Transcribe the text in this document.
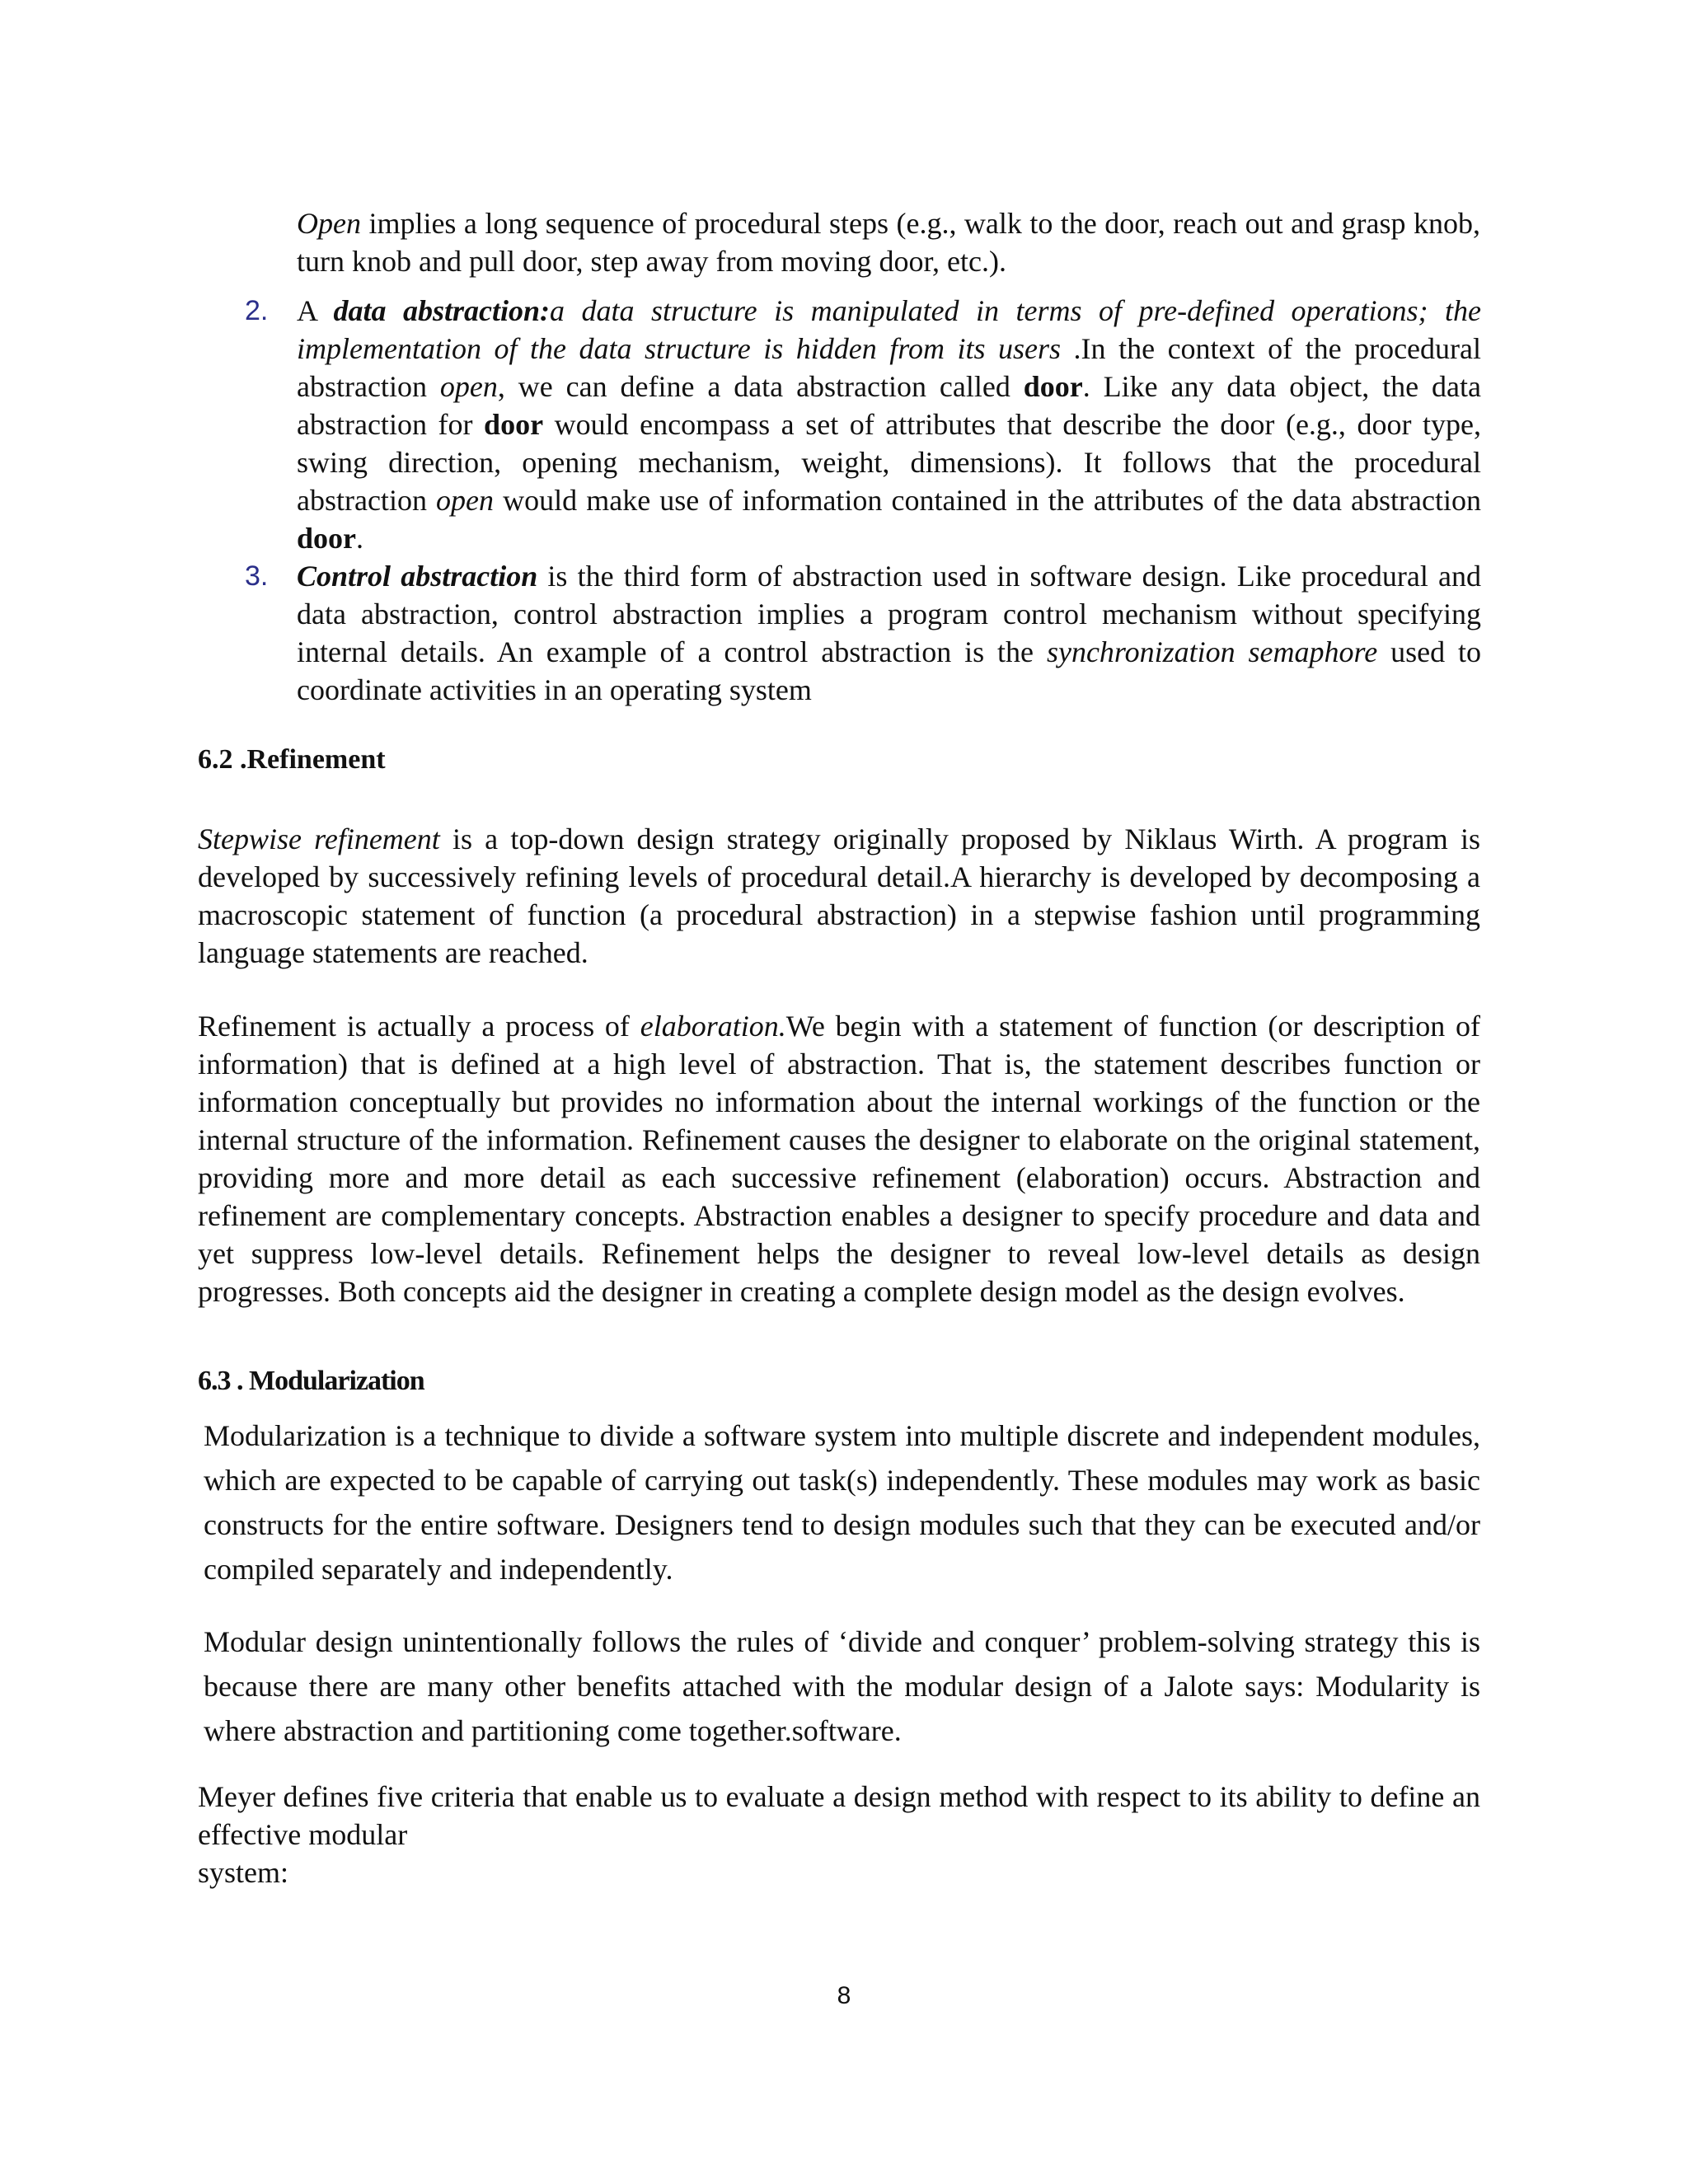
Open implies a long sequence of procedural steps (e.g., walk to the door, reach out and grasp knob, turn knob and pull door, step away from moving door, etc.).

2. A data abstraction:a data structure is manipulated in terms of pre-defined operations; the implementation of the data structure is hidden from its users .In the context of the procedural abstraction open, we can define a data abstraction called door. Like any data object, the data abstraction for door would encompass a set of attributes that describe the door (e.g., door type, swing direction, opening mechanism, weight, dimensions). It follows that the procedural abstraction open would make use of information contained in the attributes of the data abstraction door.

3. Control abstraction is the third form of abstraction used in software design. Like procedural and data abstraction, control abstraction implies a program control mechanism without specifying internal details. An example of a control abstraction is the synchronization semaphore used to coordinate activities in an operating system

6.2 .Refinement

Stepwise refinement is a top-down design strategy originally proposed by Niklaus Wirth. A program is developed by successively refining levels of procedural detail.A hierarchy is developed by decomposing a macroscopic statement of function (a procedural abstraction) in a stepwise fashion until programming language statements are reached.

Refinement is actually a process of elaboration.We begin with a statement of function (or description of information) that is defined at a high level of abstraction. That is, the statement describes function or information conceptually but provides no information about the internal workings of the function or the internal structure of the information. Refinement causes the designer to elaborate on the original statement, providing more and more detail as each successive refinement (elaboration) occurs. Abstraction and refinement are complementary concepts. Abstraction enables a designer to specify procedure and data and yet suppress low-level details. Refinement helps the designer to reveal low-level details as design progresses. Both concepts aid the designer in creating a complete design model as the design evolves.

6.3 . Modularization

Modularization is a technique to divide a software system into multiple discrete and independent modules, which are expected to be capable of carrying out task(s) independently. These modules may work as basic constructs for the entire software. Designers tend to design modules such that they can be executed and/or compiled separately and independently.

Modular design unintentionally follows the rules of ‘divide and conquer’ problem-solving strategy this is because there are many other benefits attached with the modular design of a Jalote says: Modularity is where abstraction and partitioning come together.software.

Meyer defines five criteria that enable us to evaluate a design method with respect to its ability to define an effective modular
system:
8
